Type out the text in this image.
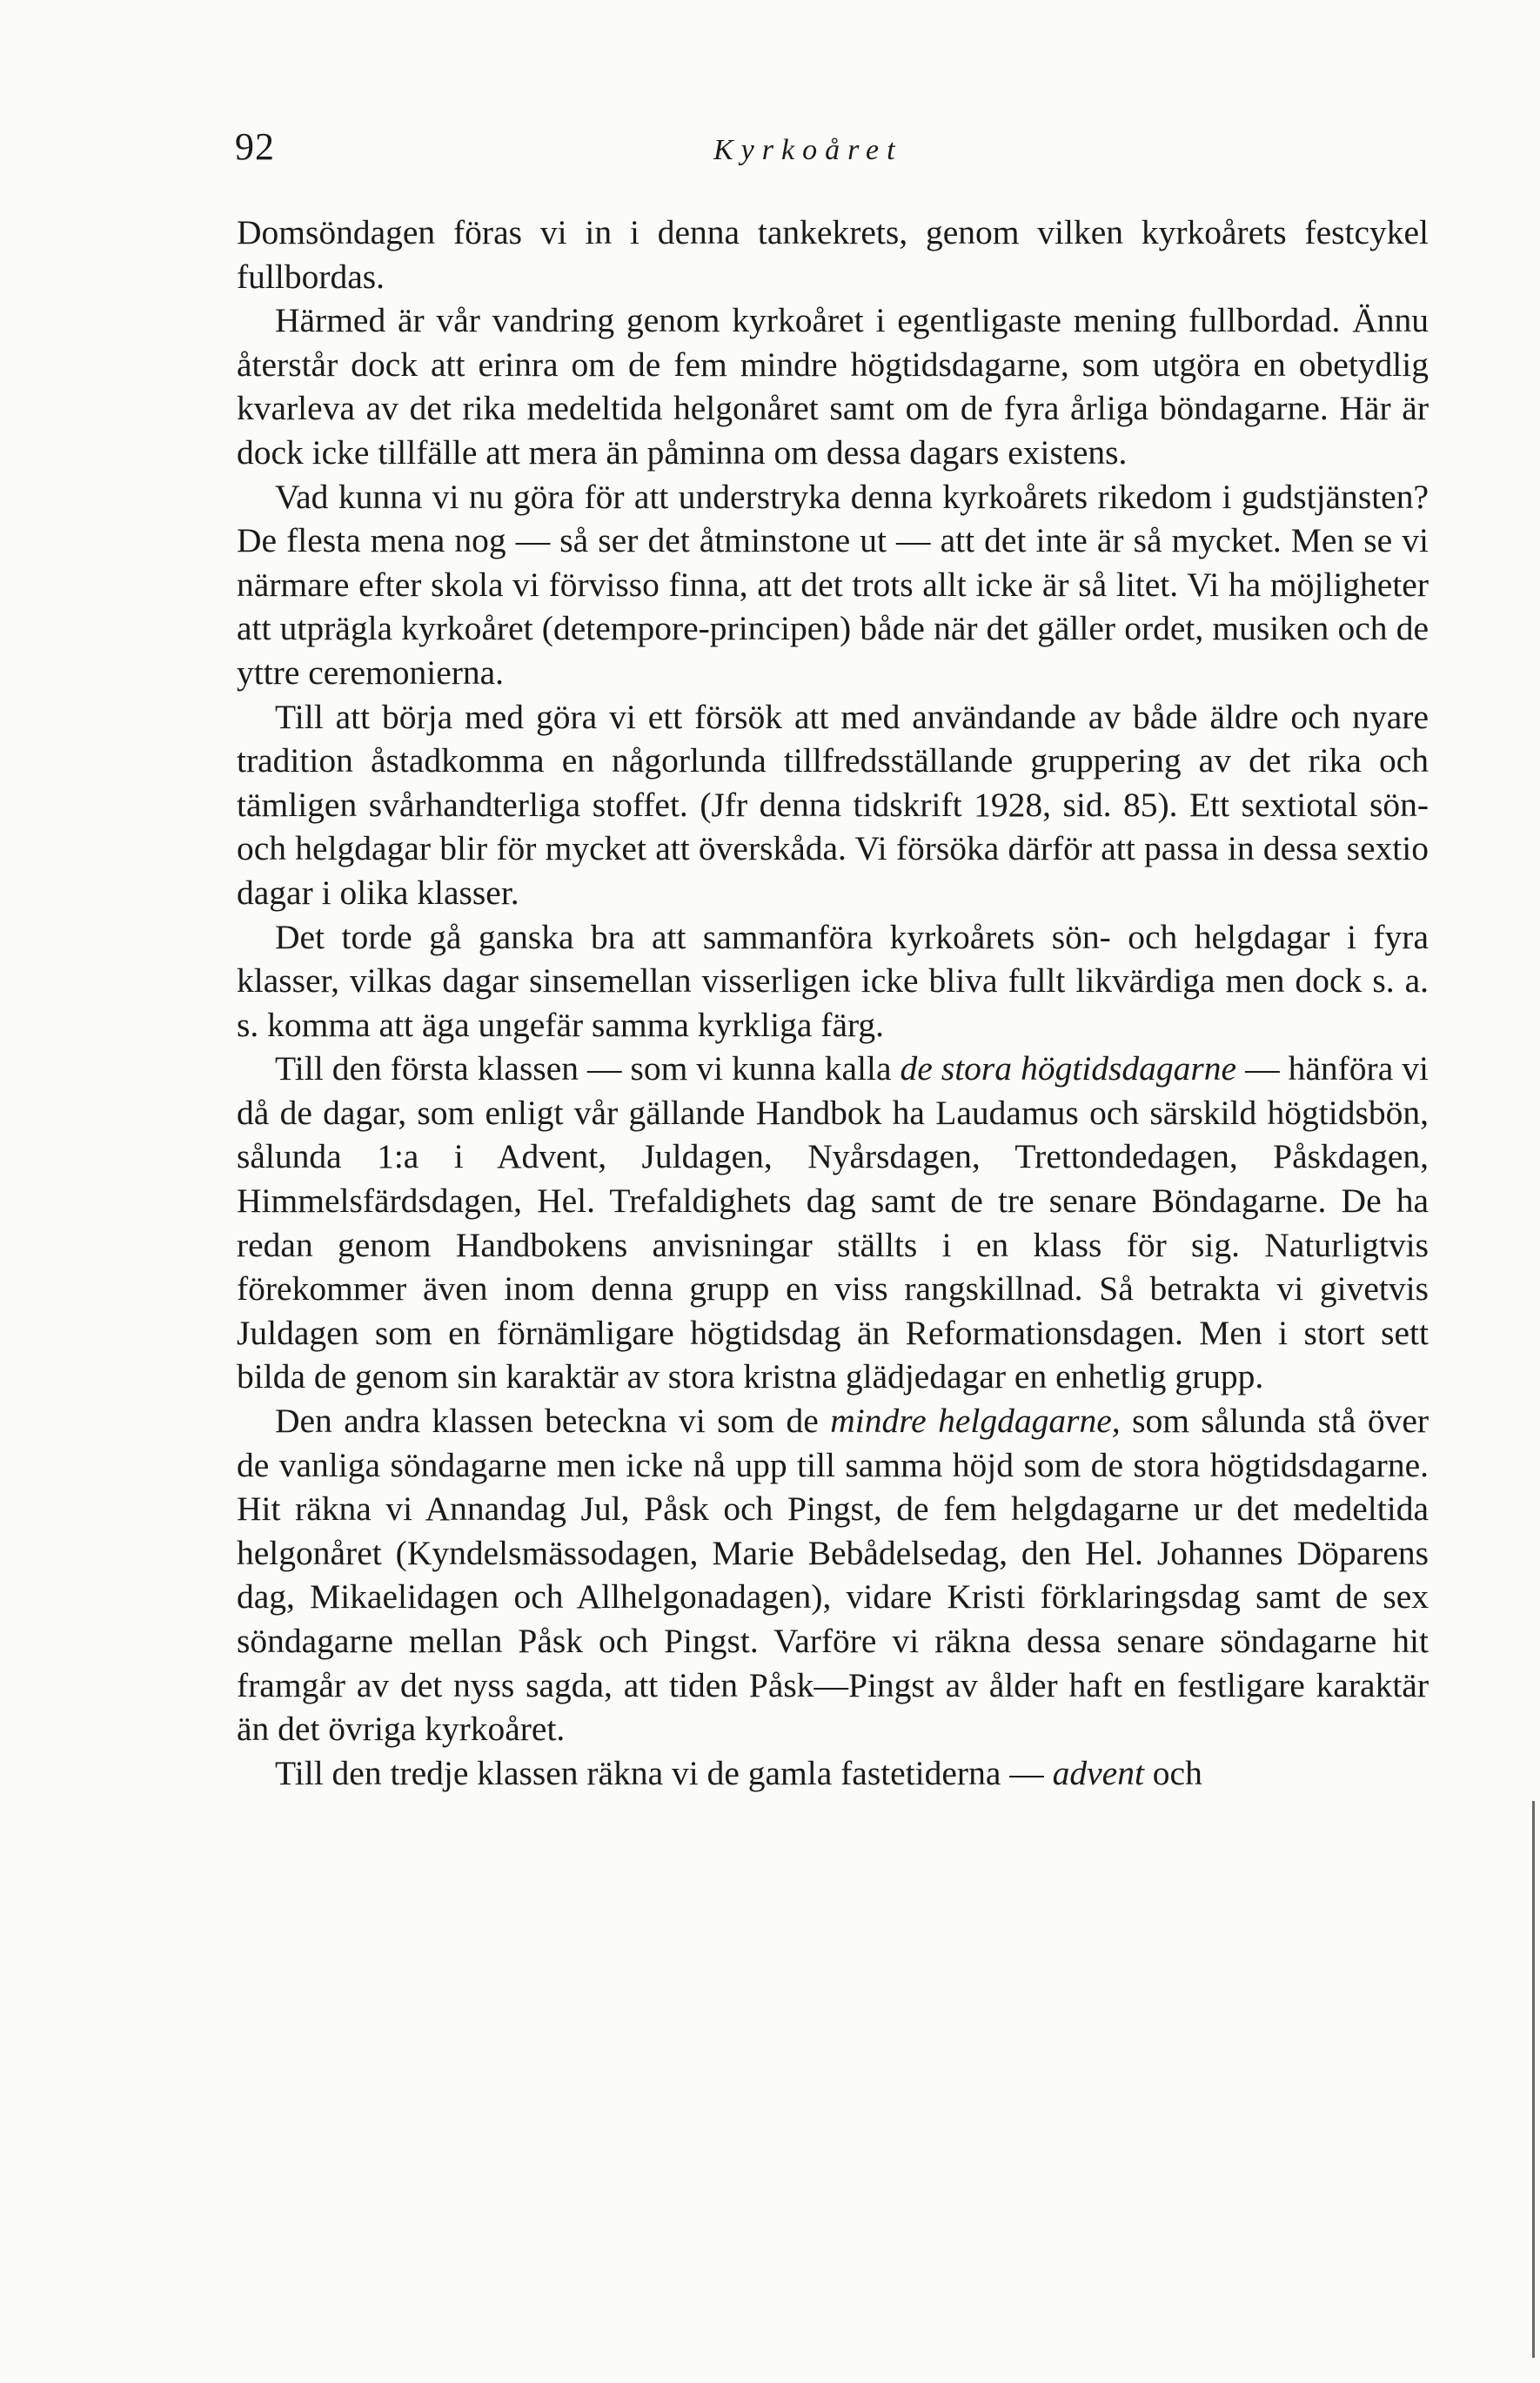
92	Kyrkoåret

Domsöndagen föras vi in i denna tankekrets, genom vilken kyrkoårets festcykel fullbordas.

Härmed är vår vandring genom kyrkoåret i egentligaste mening fullbordad. Ännu återstår dock att erinra om de fem mindre högtidsdagarne, som utgöra en obetydlig kvarleva av det rika medeltida helgonåret samt om de fyra årliga böndagarne. Här är dock icke tillfälle att mera än påminna om dessa dagars existens.

Vad kunna vi nu göra för att understryka denna kyrkoårets rikedom i gudstjänsten? De flesta mena nog — så ser det åtminstone ut — att det inte är så mycket. Men se vi närmare efter skola vi förvisso finna, att det trots allt icke är så litet. Vi ha möjligheter att utprägla kyrkoåret (detempore-principen) både när det gäller ordet, musiken och de yttre ceremonierna.

Till att börja med göra vi ett försök att med användande av både äldre och nyare tradition åstadkomma en någorlunda tillfredsställande gruppering av det rika och tämligen svårhandterliga stoffet. (Jfr denna tidskrift 1928, sid. 85). Ett sextiotal sön- och helgdagar blir för mycket att överskåda. Vi försöka därför att passa in dessa sextio dagar i olika klasser.

Det torde gå ganska bra att sammanföra kyrkoårets sön- och helgdagar i fyra klasser, vilkas dagar sinsemellan visserligen icke bliva fullt likvärdiga men dock s. a. s. komma att äga ungefär samma kyrkliga färg.

Till den första klassen — som vi kunna kalla de stora högtidsdagarne — hänföra vi då de dagar, som enligt vår gällande Handbok ha Laudamus och särskild högtidsbön, sålunda 1:a i Advent, Juldagen, Nyårsdagen, Trettondedagen, Påskdagen, Himmelsfärdsdagen, Hel. Trefaldighets dag samt de tre senare Böndagarne. De ha redan genom Handbokens anvisningar ställts i en klass för sig. Naturligtvis förekommer även inom denna grupp en viss rangskillnad. Så betrakta vi givetvis Juldagen som en förnämligare högtidsdag än Reformationsdagen. Men i stort sett bilda de genom sin karaktär av stora kristna glädjedagar en enhetlig grupp.

Den andra klassen beteckna vi som de mindre helgdagarne, som sålunda stå över de vanliga söndagarne men icke nå upp till samma höjd som de stora högtidsdagarne. Hit räkna vi Annandag Jul, Påsk och Pingst, de fem helgdagarne ur det medeltida helgonåret (Kyndelsmässodagen, Marie Bebådelsedag, den Hel. Johannes Döparens dag, Mikaelidagen och Allhelgonadagen), vidare Kristi förklaringsdag samt de sex söndagarne mellan Påsk och Pingst. Varföre vi räkna dessa senare söndagarne hit framgår av det nyss sagda, att tiden Påsk—Pingst av ålder haft en festligare karaktär än det övriga kyrkoåret.

Till den tredje klassen räkna vi de gamla fastetiderna — advent och
